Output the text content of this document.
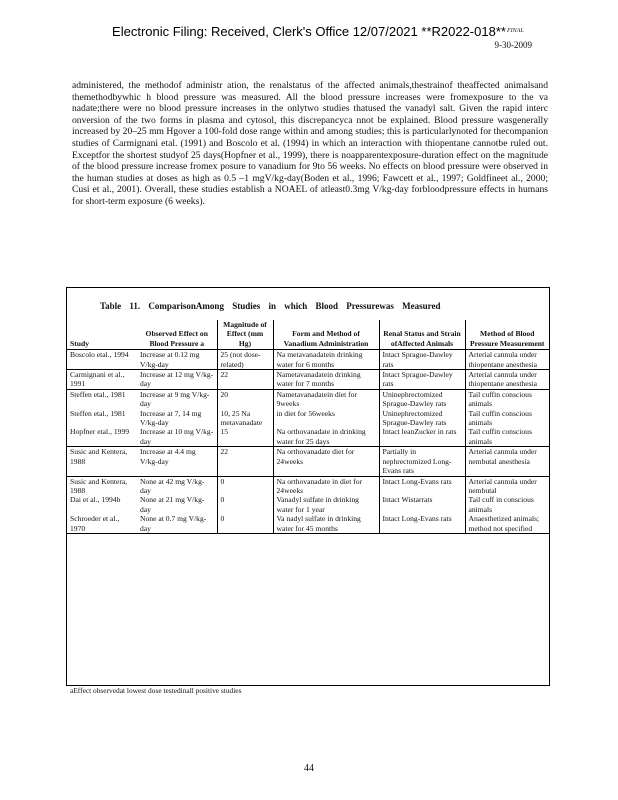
Electronic Filing: Received, Clerk's Office 12/07/2021 **R2022-018** FINAL
9-30-2009
administered, the methodof administr ation, the renalstatus of the affected animals,thestrainof theaffected animalsand themethodbywhic h blood pressure was measured. All the blood pressure increases were fromexposure to the va nadate;there were no blood pressure increases in the onlytwo studies thatused the vanadyl salt. Given the rapid interc onversion of the two forms in plasma and cytosol, this discrepancyca nnot be explained. Blood pressure wasgenerally increased by 20–25 mm Hgover a 100-fold dose range within and among studies; this is particularlynoted for thecompanion studies of Carmignani etal. (1991) and Boscolo et al. (1994) in which an interaction with thiopentane cannotbe ruled out. Exceptfor the shortest studyof 25 days(Hopfner et al., 1999), there is noapparentexposure-duration effect on the magnitude of the blood pressure increase fromex posure to vanadium for 9to 56 weeks. No effects on blood pressure were observed in the human studies at doses as high as 0.5 –1 mgV/kg-day(Boden et al., 1996; Fawcett et al., 1997; Goldfineet al., 2000; Cusi et al., 2001). Overall, these studies establish a NOAEL of atleast0.3mg V/kg-day forbloodpressure effects in humans for short-term exposure (6 weeks).
Table 11. ComparisonAmong Studies in which Blood Pressurewas Measured
Study	Observed Effect on Blood Pressure a	Magnitude of Effect (mm Hg)	Form and Method of Vanadium Administration	Renal Status and Strain ofAffected Animals	Method of Blood Pressure Measurement
Boscolo etal., 1994	Increase at 0.12 mg V/kg-day	25 (not dose-related)	Na metavanadatein drinking water for 6 months	Intact Sprague-Dawley rats	Arterial cannula under thiopentane anesthesia
Carmignani et al., 1991	Increase at 12 mg V/kg-day	22	Nametavanadatein drinking water for 7 months	Intact Sprague-Dawley rats	Arterial cannula under thiopentane anesthesia
Steffen etal., 1981	Increase at 9 mg V/kg-day	20	Nametavanadatein diet for 9weeks	Uninephrectomized Sprague-Dawley rats	Tail cuffin conscious animals
Steffen etal., 1981	Increase at 7, 14 mg V/kg-day	10, 25 Na metavanadate	in diet for 56weeks	Uninephrectomized Sprague-Dawley rats	Tail cuffin conscious animals
Hopfner etal., 1999	Increase at 10 mg V/kg-day	15	Na orthovanadate in drinking water for 25 days	Intact leanZucker in rats	Tail cuffin conscious animals
Susic and Kentera, 1988	Increase at 4.4 mg V/kg-day	22	Na orthovanadate diet for 24weeks	Partially in nephrectomized Long-Evans rats	Arterial cannula under nembutal anesthesia
Susic and Kentera, 1988	None at 42 mg V/kg-day	0	Na orthovanadate in diet for 24weeks	Intact Long-Evans rats	Arterial cannula under nembutal
Dai et al., 1994b	None at 21 mg V/kg-day	0	Vanadyl sulfate in drinking water for 1 year	Intact Wistarrats	Tail cuff in conscious animals
Schroeder et al., 1970	None at 0.7 mg V/kg-day	0	Va nadyl sulfate in drinking water for 45 months	Intact Long-Evans rats	Anaesthetized animals; method not specified
aEffect observedat lowest dose testedinall positive studies
44
